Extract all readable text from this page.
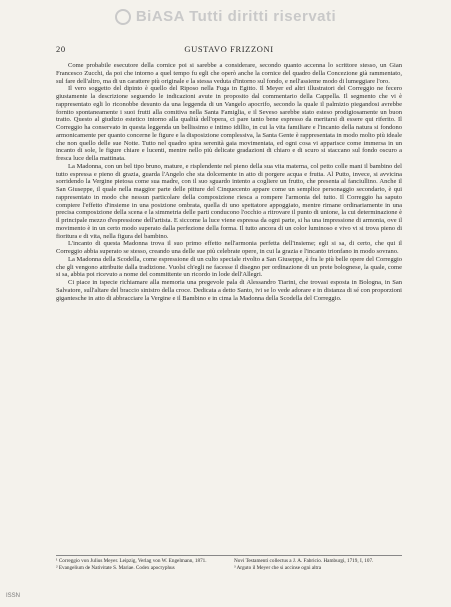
BiASA Tutti diritti riservati
20	GUSTAVO FRIZZONI

Come probabile esecutore della cornice poi si sarebbe a considerare, secondo quanto accenna lo scrittore stesso, un Gian Francesco Zucchi, da poi che intorno a quel tempo fu egli che operò anche la cornice del quadro della Concezione già rammentato, sul fare dell'altro, ma di un carattere più originale e la stessa veduta d'intorno sul fondo, e nell'assieme modo di lumeggiare l'oro.

Il vero soggetto del dipinto è quello del Riposo nella Fuga in Egitto. Il Meyer ed altri illustratori del Correggio ne fecero giustamente la descrizione seguendo le indicazioni avute in proposito dal commentario della Cappella. Il segmento che vi è rappresentato egli lo riconobbe desunto da una leggenda di un Vangelo apocrifo, secondo la quale il palmizio piegandosi avrebbe fornito spontaneamente i suoi frutti alla comitiva nella Santa Famiglia, e il Seveso sarebbe stato esteso prodigiosamente un buon tratto. Questo al giudizio estetico intorno alla qualità dell'opera, ci pare tanto bene espresso da meritarsi di essere qui riferito. Il Correggio ha conservato in questa leggenda un bellissimo e intimo idillio, in cui la vita familiare e l'incanto della natura si fondono armonicamente per quanto concerne le figure e la disposizione complessiva, la Santa Gente è rappresentata in modo molto più ideale che non quello delle sue Notte. Tutto nel quadro spira serenità gaia movimentata, ed ogni cosa vi apparisce come immersa in un incanto di sole, le figure chiare e lucenti, mentre nello più delicate gradazioni di chiaro e di scuro si staccano sul fondo oscuro a fresca luce della mattinata.

La Madonna, con un bel tipo bruno, mature, e risplendente nel pieno della sua vita materna, col petto colle mani il bambino del tutto espressa e pieno di grazia, guarda l'Angelo che sta dolcemente in atto di porgere acqua e frutta. Al Putto, invece, si avvicina sorridendo la Vergine pietosa come sua madre, con il suo sguardo intento a cogliere un frutto, che presenta al fanciullino. Anche il San Giuseppe, il quale nella maggior parte delle pitture del Cinquecento appare come un semplice personaggio secondario, è qui rappresentato in modo che nessun particolare della composizione riesca a rompere l'armonia del tutto. Il Correggio ha saputo compiere l'effetto d'insieme in una posizione ombrata, quella di uno spettatore appoggiato, mentre rimane ordinariamente in una precisa composizione della scena e la simmetria delle parti conducono l'occhio a ritrovare il punto di unione, la cui determinazione è il principale mezzo d'espressione dell'artista. E siccome la luce viene espressa da ogni parte, si ha una impressione di armonia, ove il movimento è in un certo modo superato dalla perfezione della forma. Il tutto ancora di un color luminoso e vivo vi si trova pieno di fioritura e di vita, nella figura del bambino.

L'incanto di questa Madonna trova il suo primo effetto nell'armonia perfetta dell'insieme; egli si sa, di certo, che qui il Correggio abbia superato se stesso, creando una delle sue più celebrate opere, in cui la grazia e l'incanto trionfano in modo sovrano.

La Madonna della Scodella, come espressione di un culto speciale rivolto a San Giuseppe, è fra le più belle opere del Correggio che gli vengono attribuite dalla tradizione. Vuolsi ch'egli ne facesse il disegno per ordinazione di un prete bolognese, la quale, come si sa, abbia poi ricevuto a nome del committente un ricordo in lode dell'Allegri.

Ci piace in ispecie richiamare alla memoria una pregevole pala di Alessandro Tiarini, che trovasi esposta in Bologna, in San Salvatore, sull'altare del braccio sinistro della croce. Dedicata a detto Santo, ivi se lo vede adorare e in distanza di sé con proporzioni gigantesche in atto di abbracciare la Vergine e il Bambino e in cima la Madonna della Scodella del Correggio.

¹ Correggio von Julius Meyer. Leipzig, Verlag von W. Engelmann, 1871.
² Evangelium de Nativitate S. Mariae. Codex apocryphus
Novi Testamenti collectus a J. A. Fabricio. Hamburgi, 1719, I, 107.
³ Arguto il Meyer che si accinse ogni altra
ISSN
